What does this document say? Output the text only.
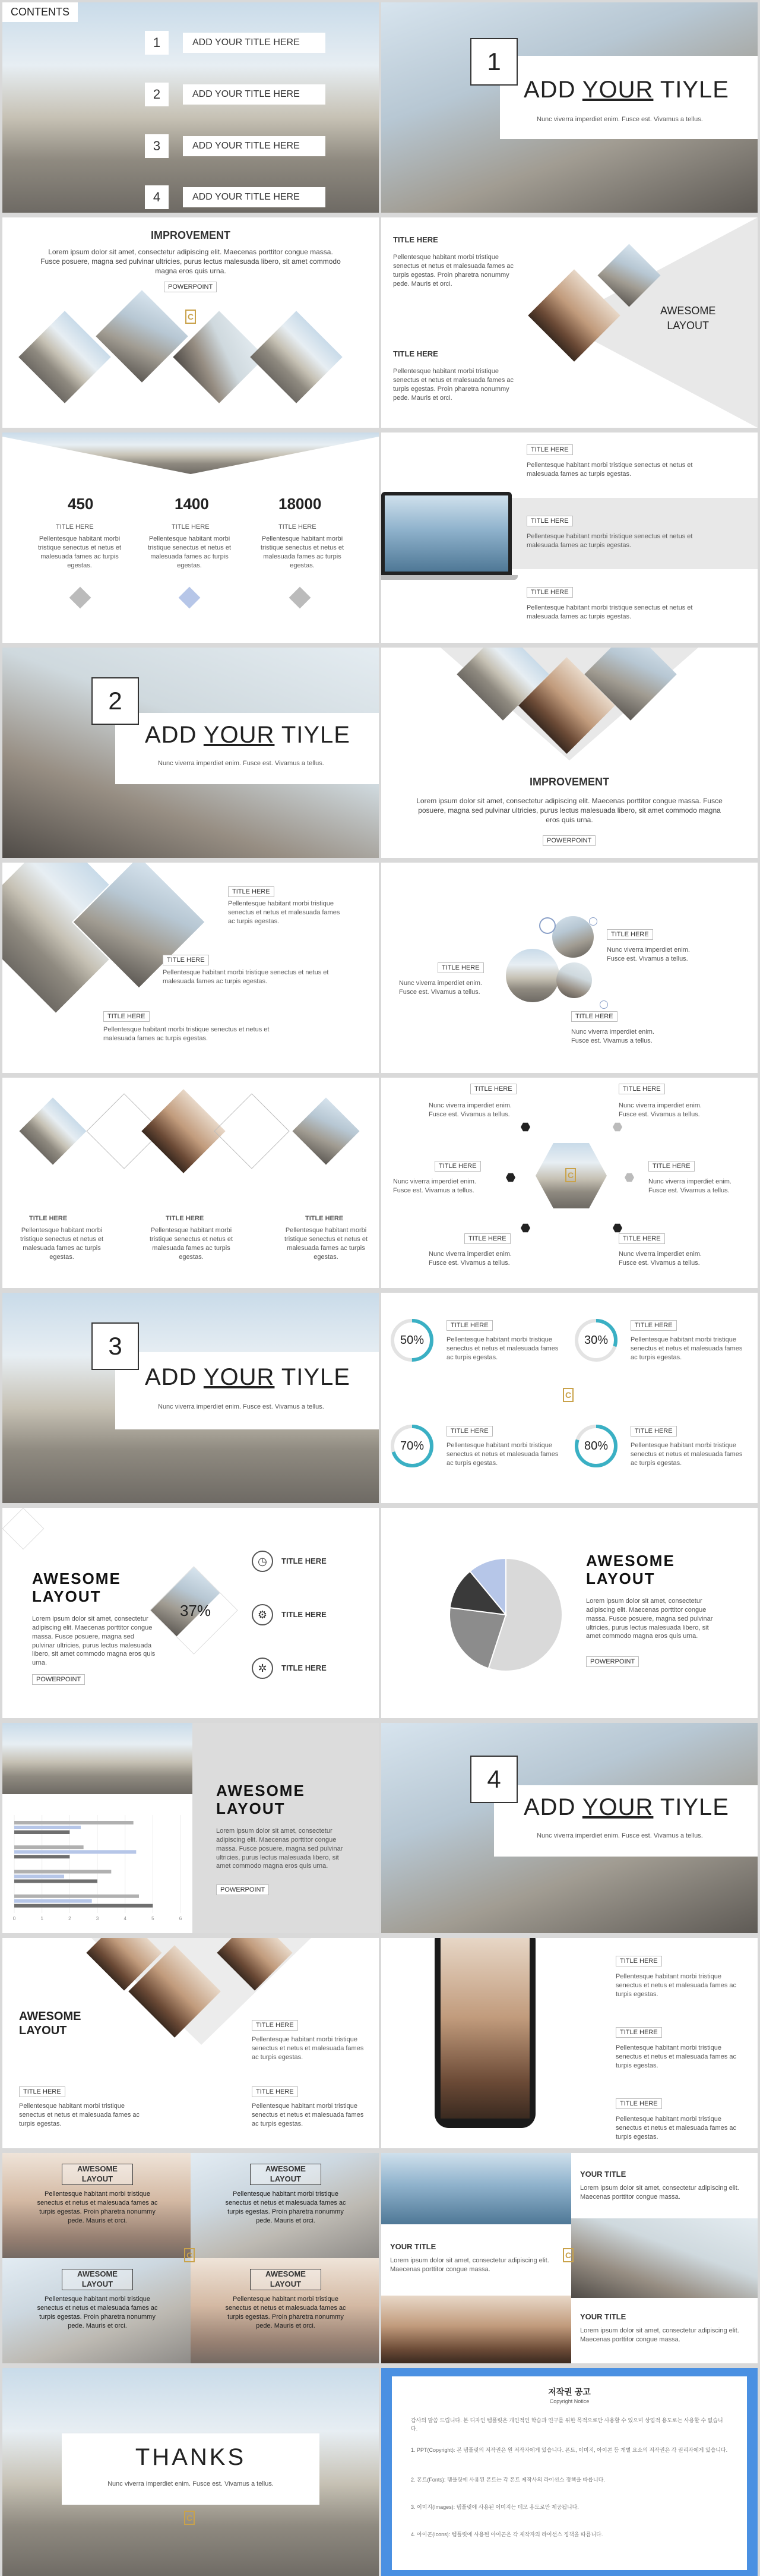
CONTENTS
1	ADD YOUR TITLE HERE
2	ADD YOUR TITLE HERE
3	ADD YOUR TITLE HERE
4	ADD YOUR TITLE HERE
1
ADD YOUR TIYLE
Nunc viverra imperdiet enim. Fusce est. Vivamus a tellus.
IMPROVEMENT
Lorem ipsum dolor sit amet, consectetur adipiscing elit. Maecenas porttitor congue massa. Fusce posuere, magna sed pulvinar ultricies, purus lectus malesuada libero, sit amet commodo magna eros quis urna.
POWERPOINT
C
TITLE HERE
Pellentesque habitant morbi tristique senectus et netus et malesuada fames ac turpis egestas. Proin pharetra nonummy pede. Mauris et orci.
TITLE HERE
Pellentesque habitant morbi tristique senectus et netus et malesuada fames ac turpis egestas. Proin pharetra nonummy pede. Mauris et orci.
AWESOME
LAYOUT
450
TITLE HERE
Pellentesque habitant morbi tristique senectus et netus et malesuada fames ac turpis egestas.
1400
TITLE HERE
Pellentesque habitant morbi tristique senectus et netus et malesuada fames ac turpis egestas.
18000
TITLE HERE
Pellentesque habitant morbi tristique senectus et netus et malesuada fames ac turpis egestas.
TITLE HERE
Pellentesque habitant morbi tristique senectus et netus et malesuada fames ac turpis egestas.
TITLE HERE
Pellentesque habitant morbi tristique senectus et netus et malesuada fames ac turpis egestas.
TITLE HERE
Pellentesque habitant morbi tristique senectus et netus et malesuada fames ac turpis egestas.
2
ADD YOUR TIYLE
Nunc viverra imperdiet enim. Fusce est. Vivamus a tellus.
IMPROVEMENT
Lorem ipsum dolor sit amet, consectetur adipiscing elit. Maecenas porttitor congue massa. Fusce posuere, magna sed pulvinar ultricies, purus lectus malesuada libero, sit amet commodo magna eros quis urna.
POWERPOINT
TITLE HERE
Pellentesque habitant morbi tristique senectus et netus et malesuada fames ac turpis egestas.
TITLE HERE
Pellentesque habitant morbi tristique senectus et netus et malesuada fames ac turpis egestas.
TITLE HERE
Pellentesque habitant morbi tristique senectus et netus et malesuada fames ac turpis egestas.
TITLE HERE
Nunc viverra imperdiet enim. Fusce est. Vivamus a tellus.
TITLE HERE
Nunc viverra imperdiet enim. Fusce est. Vivamus a tellus.
TITLE HERE
Nunc viverra imperdiet enim. Fusce est. Vivamus a tellus.
TITLE HERE
Pellentesque habitant morbi tristique senectus et netus et malesuada fames ac turpis egestas.
TITLE HERE
Pellentesque habitant morbi tristique senectus et netus et malesuada fames ac turpis egestas.
TITLE HERE
Pellentesque habitant morbi tristique senectus et netus et malesuada fames ac turpis egestas.
C
TITLE HERE
Nunc viverra imperdiet enim. Fusce est. Vivamus a tellus.
TITLE HERE
Nunc viverra imperdiet enim. Fusce est. Vivamus a tellus.
TITLE HERE
Nunc viverra imperdiet enim. Fusce est. Vivamus a tellus.
TITLE HERE
Nunc viverra imperdiet enim. Fusce est. Vivamus a tellus.
TITLE HERE
Nunc viverra imperdiet enim. Fusce est. Vivamus a tellus.
TITLE HERE
Nunc viverra imperdiet enim. Fusce est. Vivamus a tellus.
3
ADD YOUR TIYLE
Nunc viverra imperdiet enim. Fusce est. Vivamus a tellus.
50%
TITLE HERE
Pellentesque habitant morbi tristique senectus et netus et malesuada fames ac turpis egestas.
30%
TITLE HERE
Pellentesque habitant morbi tristique senectus et netus et malesuada fames ac turpis egestas.
C
70%
TITLE HERE
Pellentesque habitant morbi tristique senectus et netus et malesuada fames ac turpis egestas.
80%
TITLE HERE
Pellentesque habitant morbi tristique senectus et netus et malesuada fames ac turpis egestas.
AWESOME
LAYOUT
Lorem ipsum dolor sit amet, consectetur adipiscing elit. Maecenas porttitor congue massa. Fusce posuere, magna sed pulvinar ultricies, purus lectus malesuada libero, sit amet commodo magna eros quis urna.
POWERPOINT
37%
◷	TITLE HERE
⚙	TITLE HERE
✲	TITLE HERE
AWESOME
LAYOUT
Lorem ipsum dolor sit amet, consectetur adipiscing elit. Maecenas porttitor congue massa. Fusce posuere, magna sed pulvinar ultricies, purus lectus malesuada libero, sit amet commodo magna eros quis urna.
POWERPOINT
0	1	2	3	4	5	6
AWESOME
LAYOUT
Lorem ipsum dolor sit amet, consectetur adipiscing elit. Maecenas porttitor congue massa. Fusce posuere, magna sed pulvinar ultricies, purus lectus malesuada libero, sit amet commodo magna eros quis urna.
POWERPOINT
4
ADD YOUR TIYLE
Nunc viverra imperdiet enim. Fusce est. Vivamus a tellus.
AWESOME
LAYOUT	TITLE HERE
Pellentesque habitant morbi tristique senectus et netus et malesuada fames ac turpis egestas.
TITLE HERE
Pellentesque habitant morbi tristique senectus et netus et malesuada fames ac turpis egestas.
TITLE HERE
Pellentesque habitant morbi tristique senectus et netus et malesuada fames ac turpis egestas.
TITLE HERE
Pellentesque habitant morbi tristique senectus et netus et malesuada fames ac turpis egestas.
TITLE HERE
Pellentesque habitant morbi tristique senectus et netus et malesuada fames ac turpis egestas.
TITLE HERE
Pellentesque habitant morbi tristique senectus et netus et malesuada fames ac turpis egestas.
AWESOME
LAYOUT
Pellentesque habitant morbi tristique senectus et netus et malesuada fames ac turpis egestas. Proin pharetra nonummy pede. Mauris et orci.
AWESOME
LAYOUT
Pellentesque habitant morbi tristique senectus et netus et malesuada fames ac turpis egestas. Proin pharetra nonummy pede. Mauris et orci.
AWESOME
LAYOUT
Pellentesque habitant morbi tristique senectus et netus et malesuada fames ac turpis egestas. Proin pharetra nonummy pede. Mauris et orci.
AWESOME
LAYOUT
Pellentesque habitant morbi tristique senectus et netus et malesuada fames ac turpis egestas. Proin pharetra nonummy pede. Mauris et orci.
C
YOUR TITLE
Lorem ipsum dolor sit amet, consectetur adipiscing elit. Maecenas porttitor congue massa.
YOUR TITLE
Lorem ipsum dolor sit amet, consectetur adipiscing elit. Maecenas porttitor congue massa.
YOUR TITLE
Lorem ipsum dolor sit amet, consectetur adipiscing elit. Maecenas porttitor congue massa.
C
THANKS
Nunc viverra imperdiet enim. Fusce est. Vivamus a tellus.
C
저작권 공고
Copyright Notice
감사의 말씀 드립니다. 본 디자인 템플릿은 개인적인 학습과 연구를 위한 목적으로만 사용할 수 있으며 상업적 용도로는 사용할 수 없습니다.
1. PPT(Copyright): 본 템플릿의 저작권은 원 저작자에게 있습니다. 폰트, 이미지, 아이콘 등 개별 요소의 저작권은 각 권리자에게 있습니다.
2. 폰트(Fonts): 템플릿에 사용된 폰트는 각 폰트 제작사의 라이선스 정책을 따릅니다.
3. 이미지(Images): 템플릿에 사용된 이미지는 데모 용도로만 제공됩니다.
4. 아이콘(Icons): 템플릿에 사용된 아이콘은 각 제작자의 라이선스 정책을 따릅니다.
